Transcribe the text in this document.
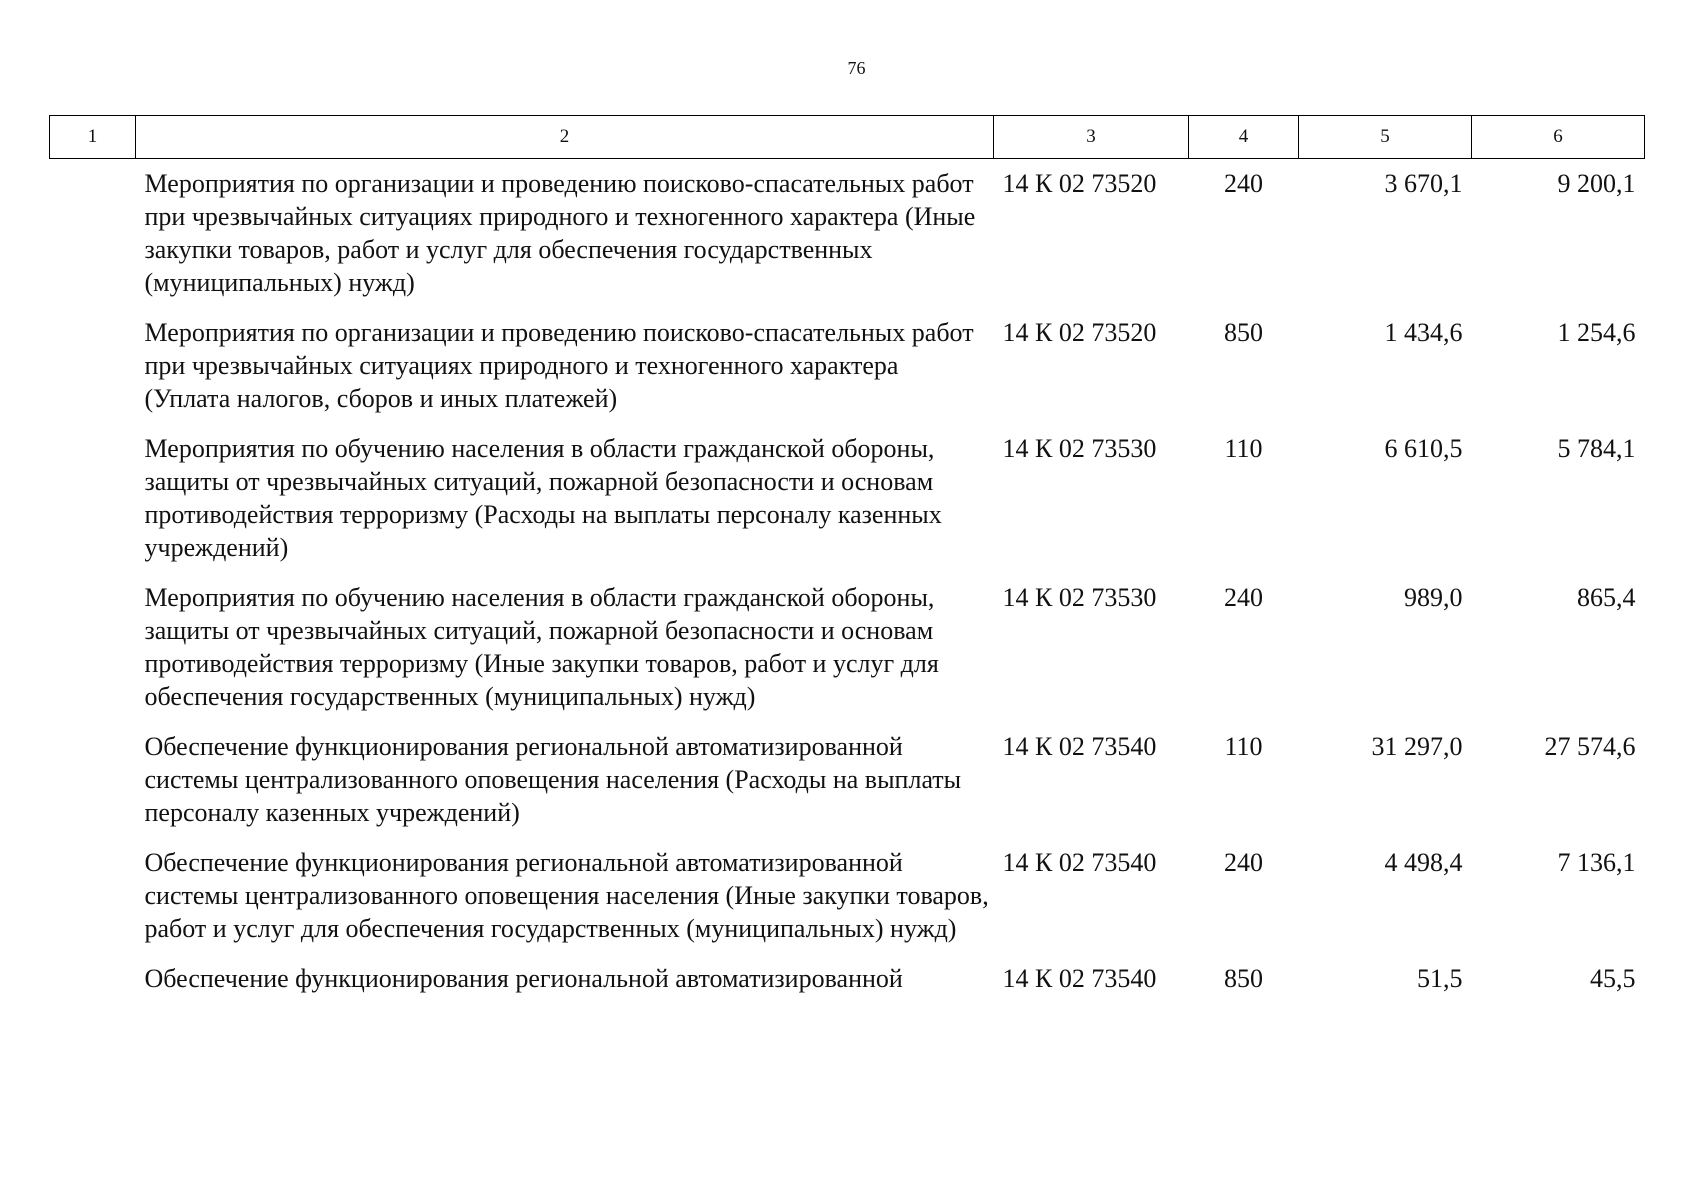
76
1	2	3	4	5	6
	Мероприятия по организации и проведению поисково-спасательных работ при чрезвычайных ситуациях природного и техногенного характера (Иные закупки товаров, работ и услуг для обеспечения государственных (муниципальных) нужд)	14 К 02 73520	240	3 670,1	9 200,1
	Мероприятия по организации и проведению поисково-спасательных работ при чрезвычайных ситуациях природного и техногенного характера (Уплата налогов, сборов и иных платежей)	14 К 02 73520	850	1 434,6	1 254,6
	Мероприятия по обучению населения в области гражданской обороны, защиты от чрезвычайных ситуаций, пожарной безопасности и основам противодействия терроризму (Расходы на выплаты персоналу казенных учреждений)	14 К 02 73530	110	6 610,5	5 784,1
	Мероприятия по обучению населения в области гражданской обороны, защиты от чрезвычайных ситуаций, пожарной безопасности и основам противодействия терроризму (Иные закупки товаров, работ и услуг для обеспечения государственных (муниципальных) нужд)	14 К 02 73530	240	989,0	865,4
	Обеспечение функционирования региональной автоматизированной системы централизованного оповещения населения (Расходы на выплаты персоналу казенных учреждений)	14 К 02 73540	110	31 297,0	27 574,6
	Обеспечение функционирования региональной автоматизированной системы централизованного оповещения населения (Иные закупки товаров, работ и услуг для обеспечения государственных (муниципальных) нужд)	14 К 02 73540	240	4 498,4	7 136,1
	Обеспечение функционирования региональной автоматизированной	14 К 02 73540	850	51,5	45,5
